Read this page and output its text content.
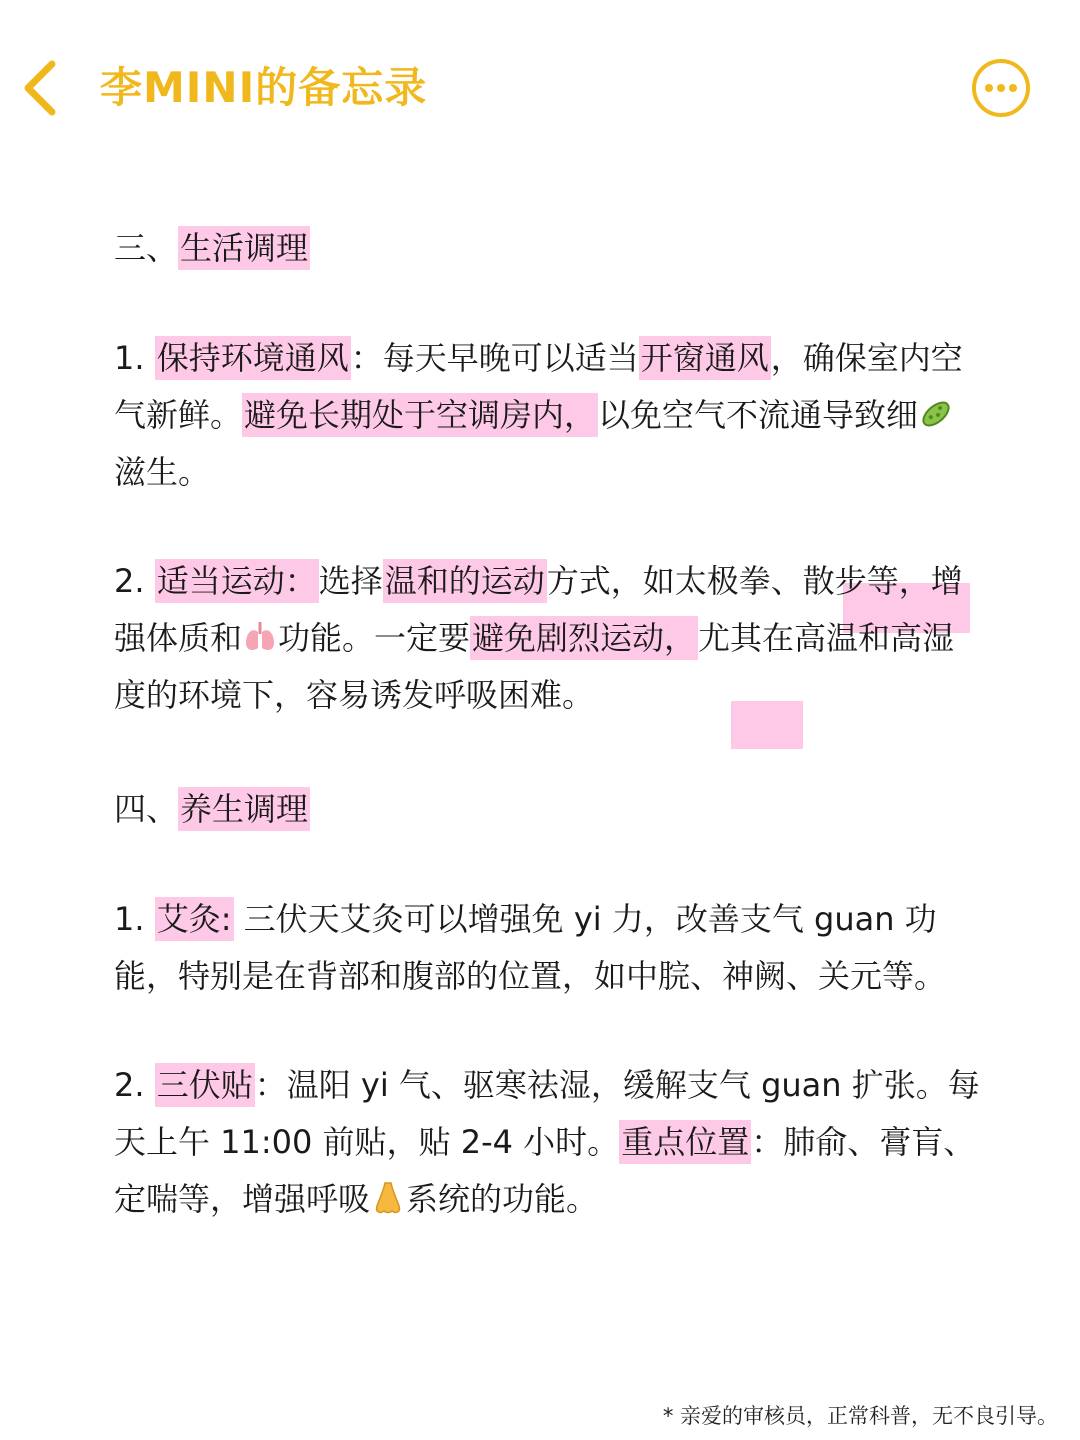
李MINI的备忘录

三、生活调理

1. 保持环境通风：每天早晚可以适当开窗通风，确保室内空气新鲜。避免长期处于空调房内，以免空气不流通导致细滋生。

2. 适当运动：选择温和的运动方式，如太极拳、散步等，增强体质和 功能。一定要避免剧烈运动，尤其在高温和高湿度的环境下，容易诱发呼吸困难。

四、养生调理

1. 艾灸: 三伏天艾灸可以增强免 yi 力，改善支气 guan 功能，特别是在背部和腹部的位置，如中脘、神阙、关元等。

2. 三伏贴：温阳 yi 气、驱寒祛湿，缓解支气 guan 扩张。每天上午 11:00 前贴，贴 2-4 小时。重点位置：肺俞、膏肓、定喘等，增强呼吸 系统的功能。

* 亲爱的审核员，正常科普，无不良引导。
